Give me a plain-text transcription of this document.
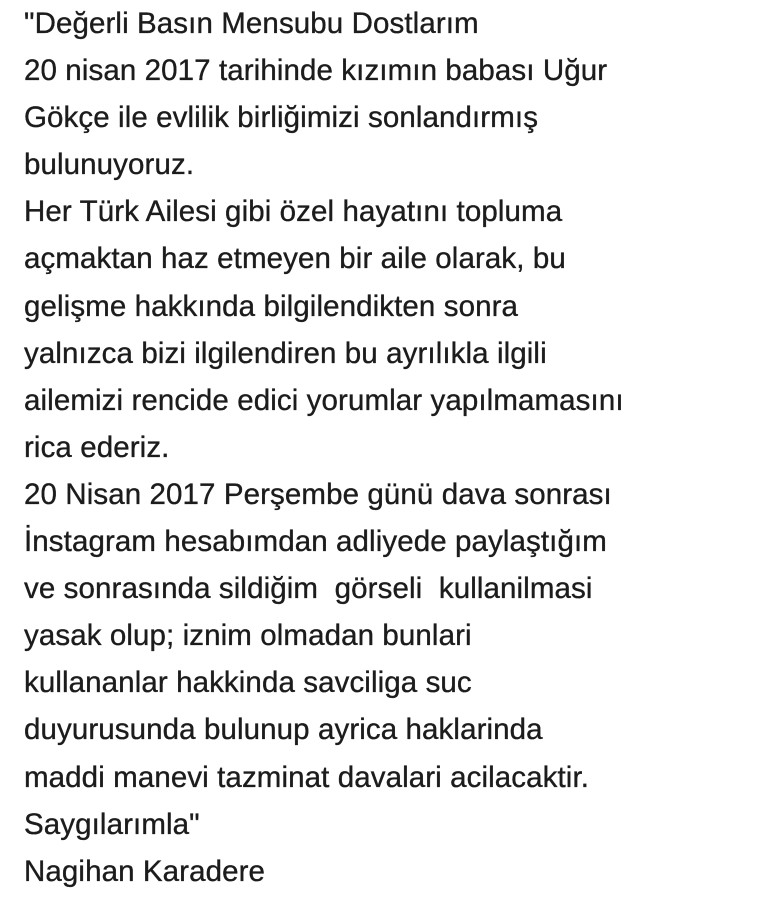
"Değerli Basın Mensubu Dostlarım
20 nisan 2017 tarihinde kızımın babası Uğur
Gökçe ile evlilik birliğimizi sonlandırmış
bulunuyoruz.
Her Türk Ailesi gibi özel hayatını topluma
açmaktan haz etmeyen bir aile olarak, bu
gelişme hakkında bilgilendikten sonra
yalnızca bizi ilgilendiren bu ayrılıkla ilgili
ailemizi rencide edici yorumlar yapılmamasını
rica ederiz.
20 Nisan 2017 Perşembe günü dava sonrası
İnstagram hesabımdan adliyede paylaştığım
ve sonrasında sildiğim  görseli  kullanilmasi
yasak olup; iznim olmadan bunlari
kullananlar hakkinda savciliga suc
duyurusunda bulunup ayrica haklarinda
maddi manevi tazminat davalari acilacaktir.
Saygılarımla"
Nagihan Karadere
